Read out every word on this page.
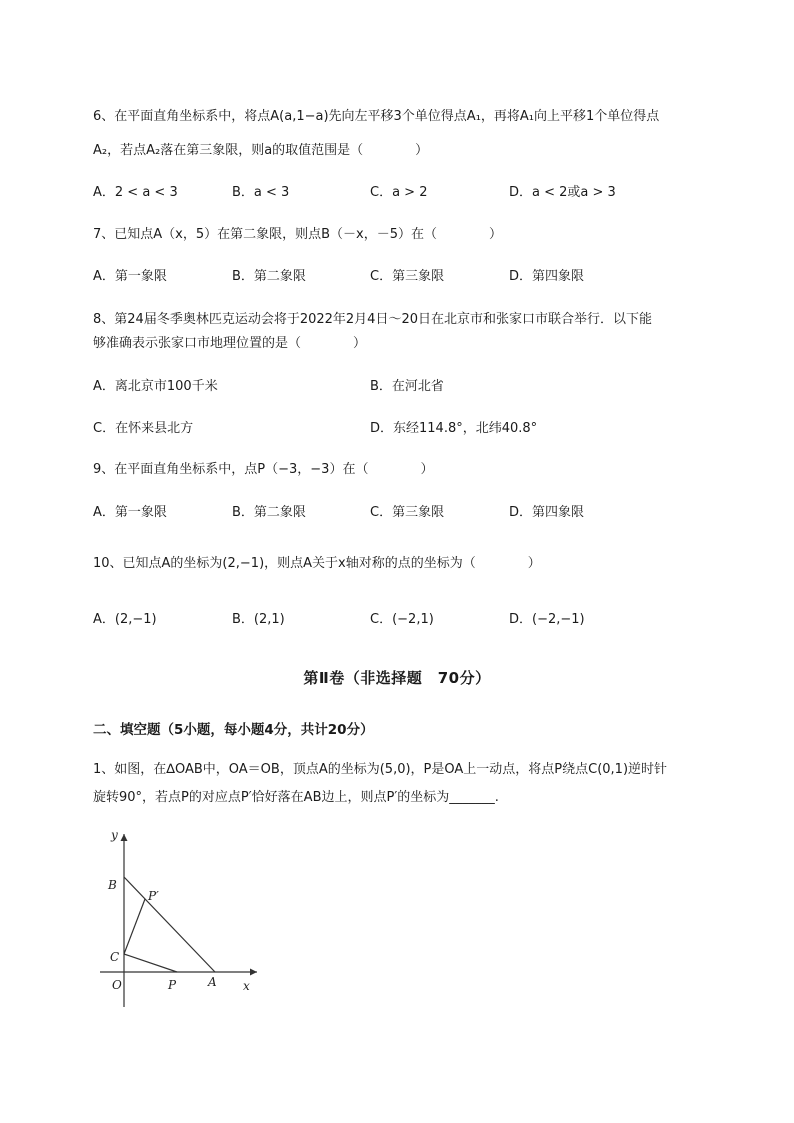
6、在平面直角坐标系中，将点A(a,1−a)先向左平移3个单位得点A₁，再将A₁向上平移1个单位得点
A₂，若点A₂落在第三象限，则a的取值范围是（　　　　）
A．2 < a < 3	B．a < 3	C．a > 2	D．a < 2或a > 3
7、已知点A（x，5）在第二象限，则点B（－x，－5）在（　　　　）
A．第一象限	B．第二象限	C．第三象限	D．第四象限
8、第24届冬季奥林匹克运动会将于2022年2月4日～20日在北京市和张家口市联合举行．以下能
够准确表示张家口市地理位置的是（　　　　）
A．离北京市100千米	B．在河北省
C．在怀来县北方	D．东经114.8°，北纬40.8°
9、在平面直角坐标系中，点P（−3，−3）在（　　　　）
A．第一象限	B．第二象限	C．第三象限	D．第四象限
10、已知点A的坐标为(2,−1)，则点A关于x轴对称的点的坐标为（　　　　）
A．(2,−1)	B．(2,1)	C．(−2,1)	D．(−2,−1)
第Ⅱ卷（非选择题　70分）
二、填空题（5小题，每小题4分，共计20分）
1、如图，在∆OAB中，OA＝OB，顶点A的坐标为(5,0)，P是OA上一动点，将点P绕点C(0,1)逆时针
旋转90°，若点P的对应点P′恰好落在AB边上，则点P′的坐标为_______.
y
x
B
P′
C
O	P	A
